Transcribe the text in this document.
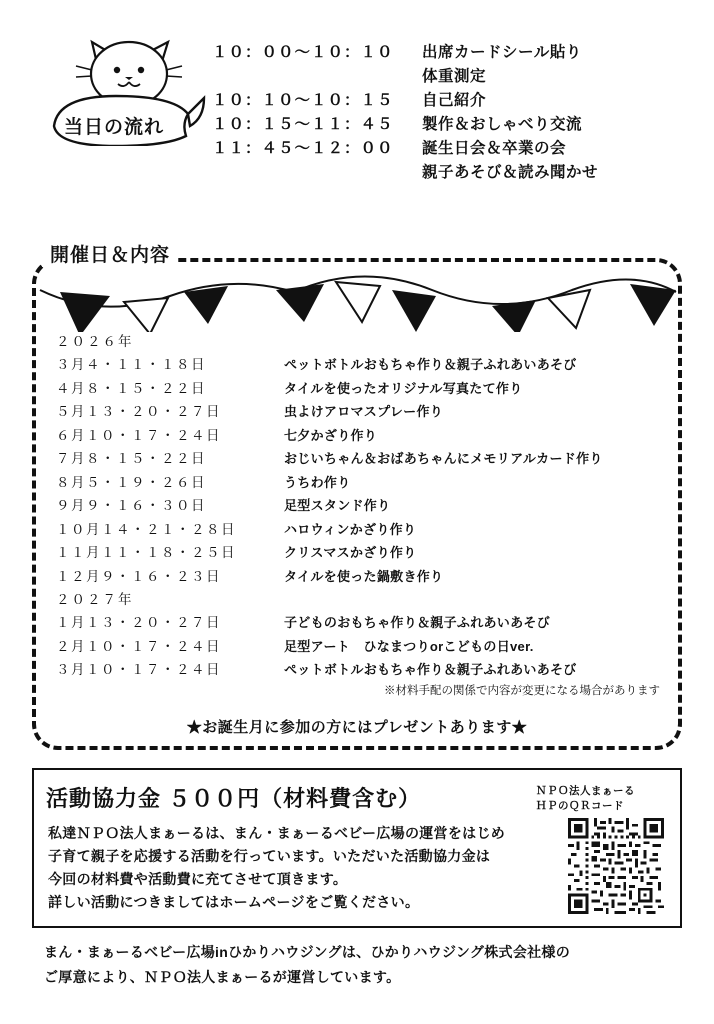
当日の流れ
１０：００～１０：１０	出席カードシール貼り
体重測定
１０：１０～１０：１５	自己紹介
１０：１５～１１：４５	製作＆おしゃべり交流
１１：４５～１２：００	誕生日会＆卒業の会
親子あそび＆読み聞かせ
開催日＆内容
２０２６年
３月４・１１・１８日	ペットボトルおもちゃ作り＆親子ふれあいあそび
４月８・１５・２２日	タイルを使ったオリジナル写真たて作り
５月１３・２０・２７日	虫よけアロマスプレー作り
６月１０・１７・２４日	七夕かざり作り
７月８・１５・２２日	おじいちゃん＆おばあちゃんにメモリアルカード作り
８月５・１９・２６日	うちわ作り
９月９・１６・３０日	足型スタンド作り
１０月１４・２１・２８日	ハロウィンかざり作り
１１月１１・１８・２５日	クリスマスかざり作り
１２月９・１６・２３日	タイルを使った鍋敷き作り
２０２７年
１月１３・２０・２７日	子どものおもちゃ作り＆親子ふれあいあそび
２月１０・１７・２４日	足型アート　ひなまつりorこどもの日ver.
３月１０・１７・２４日	ペットボトルおもちゃ作り＆親子ふれあいあそび
※材料手配の関係で内容が変更になる場合があります
★お誕生月に参加の方にはプレゼントあります★
活動協力金 ５００円（材料費含む）
私達ＮＰＯ法人まぁーるは、まん・まぁーるベビー広場の運営をはじめ
子育て親子を応援する活動を行っています。いただいた活動協力金は
今回の材料費や活動費に充てさせて頂きます。
詳しい活動につきましてはホームページをご覧ください。
ＮＰＯ法人まぁーる
ＨＰのＱＲコード
まん・まぁーるベビー広場inひかりハウジングは、ひかりハウジング株式会社様の
ご厚意により、ＮＰＯ法人まぁーるが運営しています。
